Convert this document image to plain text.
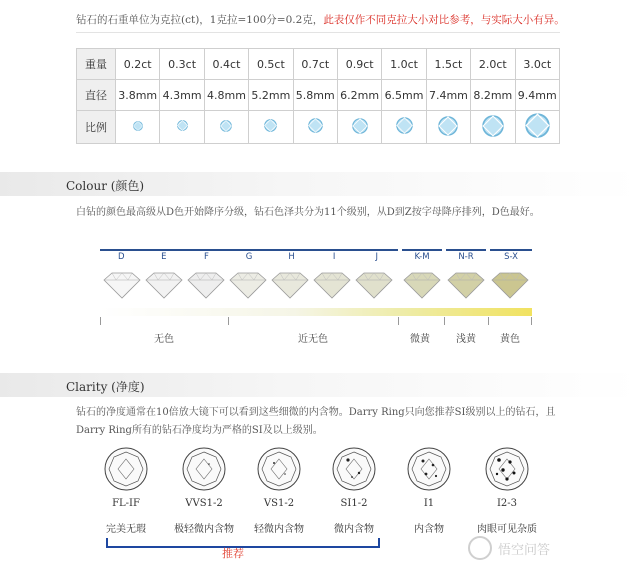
钻石的石重单位为克拉(ct)，1克拉=100分=0.2克，此表仅作不同克拉大小对比参考，与实际大小有异。
重量	0.2ct	0.3ct	0.4ct	0.5ct	0.7ct	0.9ct	1.0ct	1.5ct	2.0ct	3.0ct
直径	3.8mm	4.3mm	4.8mm	5.2mm	5.8mm	6.2mm	6.5mm	7.4mm	8.2mm	9.4mm
比例										
Colour (颜色)
白钻的颜色最高级从D色开始降序分级，钻石色泽共分为11个级别，从D到Z按字母降序排列，D色最好。
D	E	F	G	H	I	J	K-M	N-R	S-X
无色	近无色	微黄	浅黄 黄色
Clarity (净度)
钻石的净度通常在10倍放大镜下可以看到这些细微的内含物。Darry Ring只向您推荐SI级别以上的钻石，且
Darry Ring所有的钻石净度均为严格的SI及以上级别。
FL-IF	VVS1-2	VS1-2	SI1-2	I1	I2-3
完美无瑕	极轻微内含物	轻微内含物	微内含物	内含物	肉眼可见杂质
推荐	悟空问答
